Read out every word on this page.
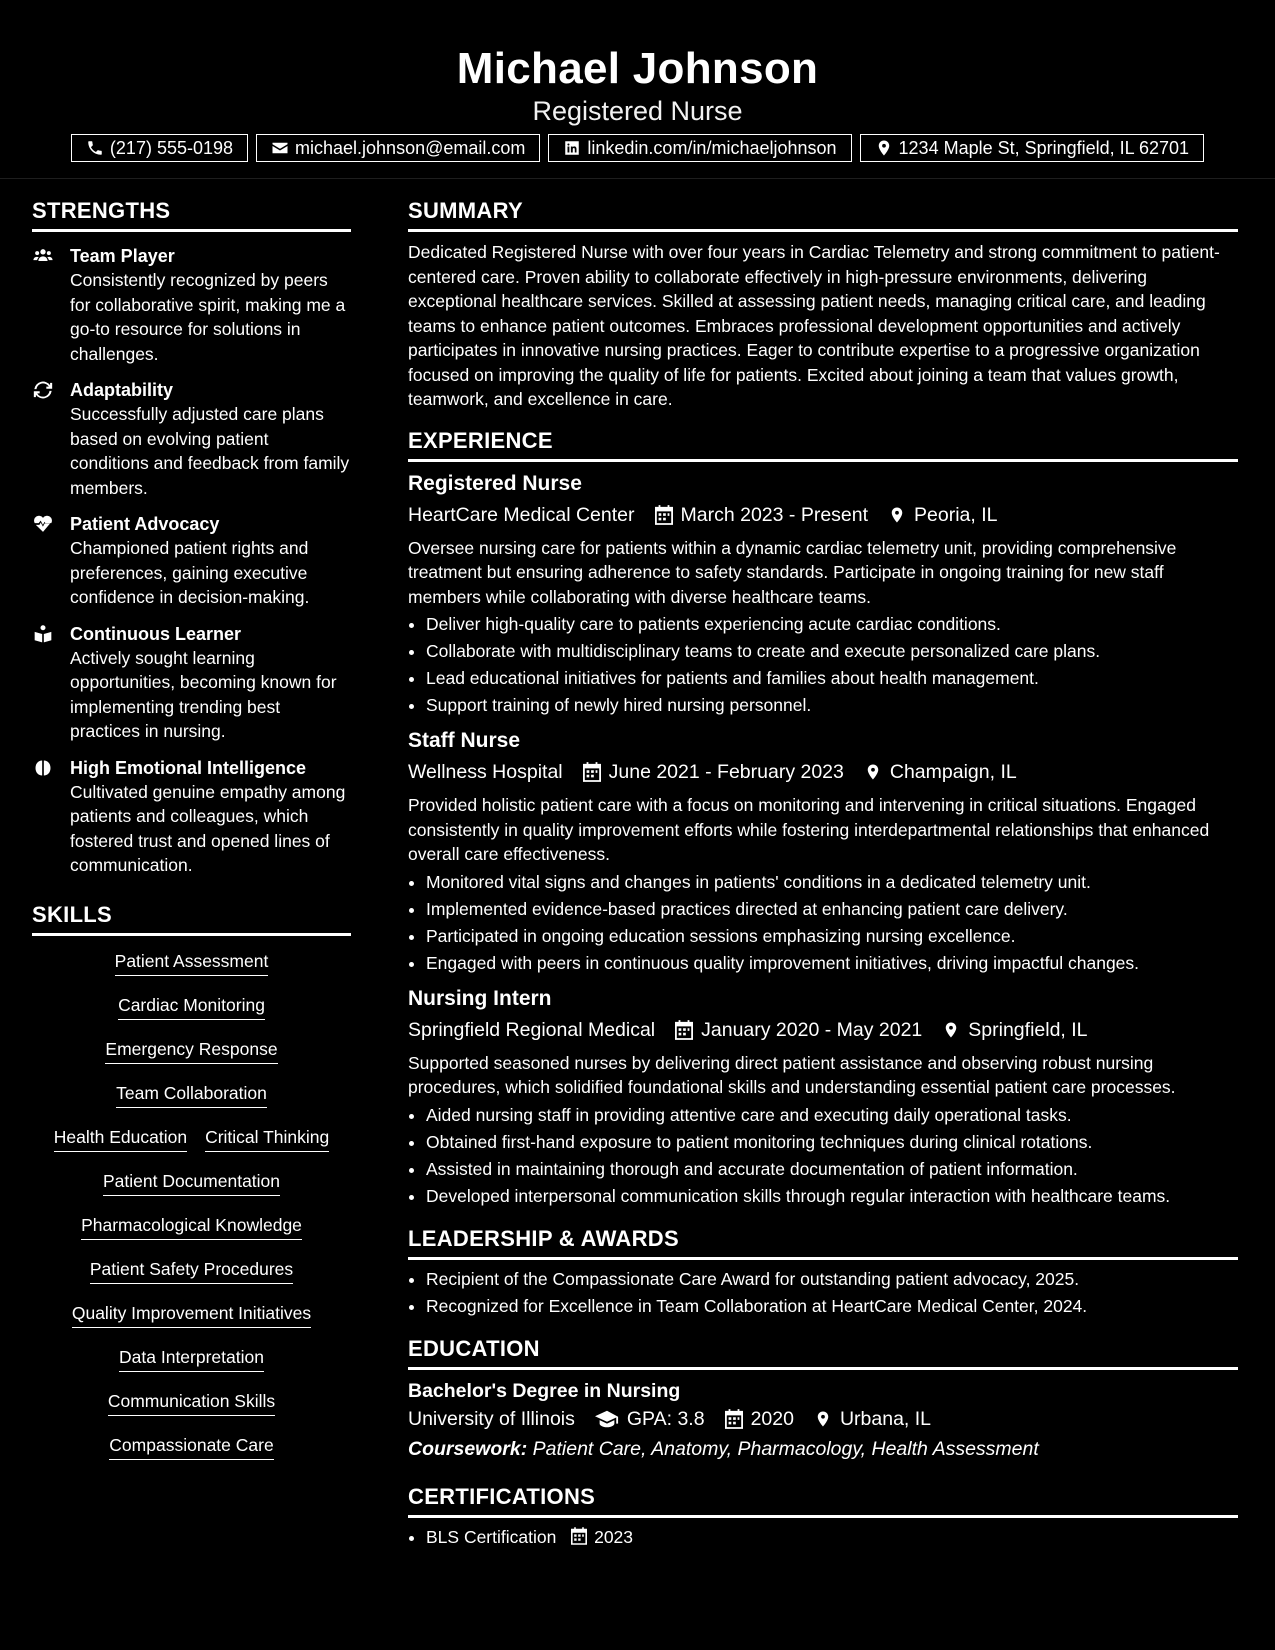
Michael Johnson
Registered Nurse
(217) 555-0198	michael.johnson@email.com	linkedin.com/in/michaeljohnson	1234 Maple St, Springfield, IL 62701
STRENGTHS
Team Player
Consistently recognized by peers for collaborative spirit, making me a go-to resource for solutions in challenges.
Adaptability
Successfully adjusted care plans based on evolving patient conditions and feedback from family members.
Patient Advocacy
Championed patient rights and preferences, gaining executive confidence in decision-making.
Continuous Learner
Actively sought learning opportunities, becoming known for implementing trending best practices in nursing.
High Emotional Intelligence
Cultivated genuine empathy among patients and colleagues, which fostered trust and opened lines of communication.
SKILLS
Patient Assessment
Cardiac Monitoring
Emergency Response
Team Collaboration
Health Education Critical Thinking
Patient Documentation
Pharmacological Knowledge
Patient Safety Procedures
Quality Improvement Initiatives
Data Interpretation
Communication Skills
Compassionate Care
SUMMARY

Dedicated Registered Nurse with over four years in Cardiac Telemetry and strong commitment to patient-centered care. Proven ability to collaborate effectively in high-pressure environments, delivering exceptional healthcare services. Skilled at assessing patient needs, managing critical care, and leading teams to enhance patient outcomes. Embraces professional development opportunities and actively participates in innovative nursing practices. Eager to contribute expertise to a progressive organization focused on improving the quality of life for patients. Excited about joining a team that values growth, teamwork, and excellence in care.

EXPERIENCE
Registered Nurse
HeartCare Medical Center March 2023 - Present Peoria, IL

Oversee nursing care for patients within a dynamic cardiac telemetry unit, providing comprehensive treatment but ensuring adherence to safety standards. Participate in ongoing training for new staff members while collaborating with diverse healthcare teams.

• Deliver high-quality care to patients experiencing acute cardiac conditions.
• Collaborate with multidisciplinary teams to create and execute personalized care plans.
• Lead educational initiatives for patients and families about health management.
• Support training of newly hired nursing personnel.
Staff Nurse
Wellness Hospital June 2021 - February 2023 Champaign, IL

Provided holistic patient care with a focus on monitoring and intervening in critical situations. Engaged consistently in quality improvement efforts while fostering interdepartmental relationships that enhanced overall care effectiveness.

• Monitored vital signs and changes in patients' conditions in a dedicated telemetry unit.
• Implemented evidence-based practices directed at enhancing patient care delivery.
• Participated in ongoing education sessions emphasizing nursing excellence.
• Engaged with peers in continuous quality improvement initiatives, driving impactful changes.
Nursing Intern
Springfield Regional Medical January 2020 - May 2021 Springfield, IL

Supported seasoned nurses by delivering direct patient assistance and observing robust nursing procedures, which solidified foundational skills and understanding essential patient care processes.

• Aided nursing staff in providing attentive care and executing daily operational tasks.
• Obtained first-hand exposure to patient monitoring techniques during clinical rotations.
• Assisted in maintaining thorough and accurate documentation of patient information.
• Developed interpersonal communication skills through regular interaction with healthcare teams.
LEADERSHIP & AWARDS
• Recipient of the Compassionate Care Award for outstanding patient advocacy, 2025.
• Recognized for Excellence in Team Collaboration at HeartCare Medical Center, 2024.
EDUCATION
Bachelor's Degree in Nursing
University of Illinois	GPA: 3.8 2020 Urbana, IL
Coursework: Patient Care, Anatomy, Pharmacology, Health Assessment
CERTIFICATIONS
• BLS Certification 2023
